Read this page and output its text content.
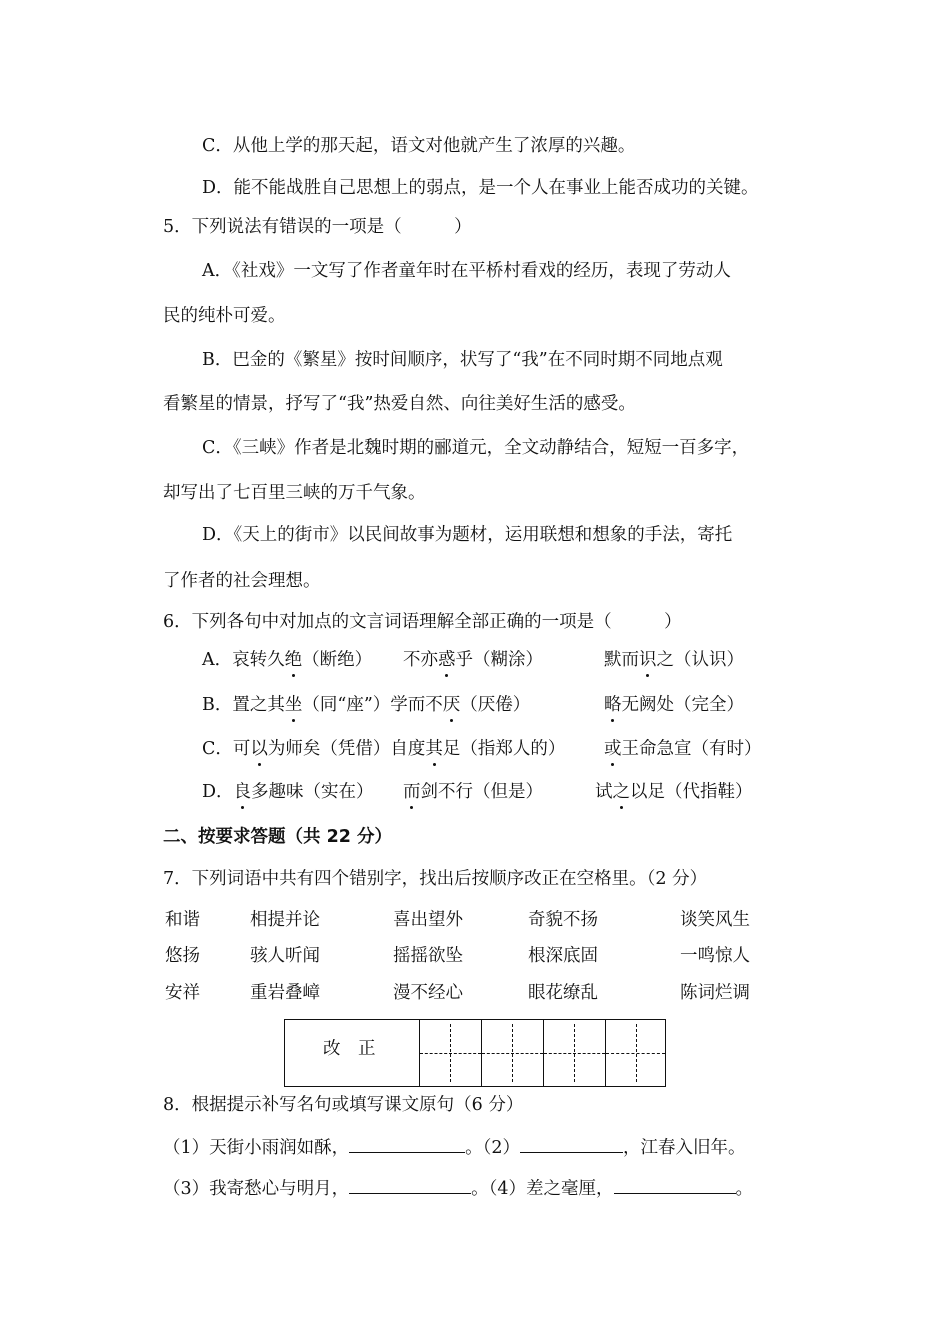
C．从他上学的那天起，语文对他就产生了浓厚的兴趣。
D．能不能战胜自己思想上的弱点，是一个人在事业上能否成功的关键。
5．下列说法有错误的一项是（　　　）
A．《社戏》一文写了作者童年时在平桥村看戏的经历，表现了劳动人
民的纯朴可爱。
B．巴金的《繁星》按时间顺序，状写了“我”在不同时期不同地点观
看繁星的情景，抒写了“我”热爱自然、向往美好生活的感受。
C．《三峡》作者是北魏时期的郦道元，全文动静结合，短短一百多字，
却写出了七百里三峡的万千气象。
D．《天上的街市》以民间故事为题材，运用联想和想象的手法，寄托
了作者的社会理想。
6．下列各句中对加点的文言词语理解全部正确的一项是（　　　）
A．哀转久绝（断绝） 不亦惑乎（糊涂）	默而识之（认识）
B．置之其坐（同“座”）学而不厌（厌倦）	略无阙处（完全）
C．可以为师矣（凭借）自度其足（指郑人的） 或王命急宣（有时）
D．良多趣味（实在） 而剑不行（但是）	试之以足（代指鞋）
二、按要求答题（共 22 分）
7．下列词语中共有四个错别字，找出后按顺序改正在空格里。（2 分）
和谐	相提并论	喜出望外	奇貌不扬	谈笑风生
悠扬	骇人听闻	摇摇欲坠	根深底固	一鸣惊人
安祥	重岩叠嶂	漫不经心	眼花缭乱	陈词烂调
改　正
8．根据提示补写名句或填写课文原句（6 分）
（1）天街小雨润如酥，	。（2）	，江春入旧年。
（3）我寄愁心与明月，	。（4）差之毫厘，	。
